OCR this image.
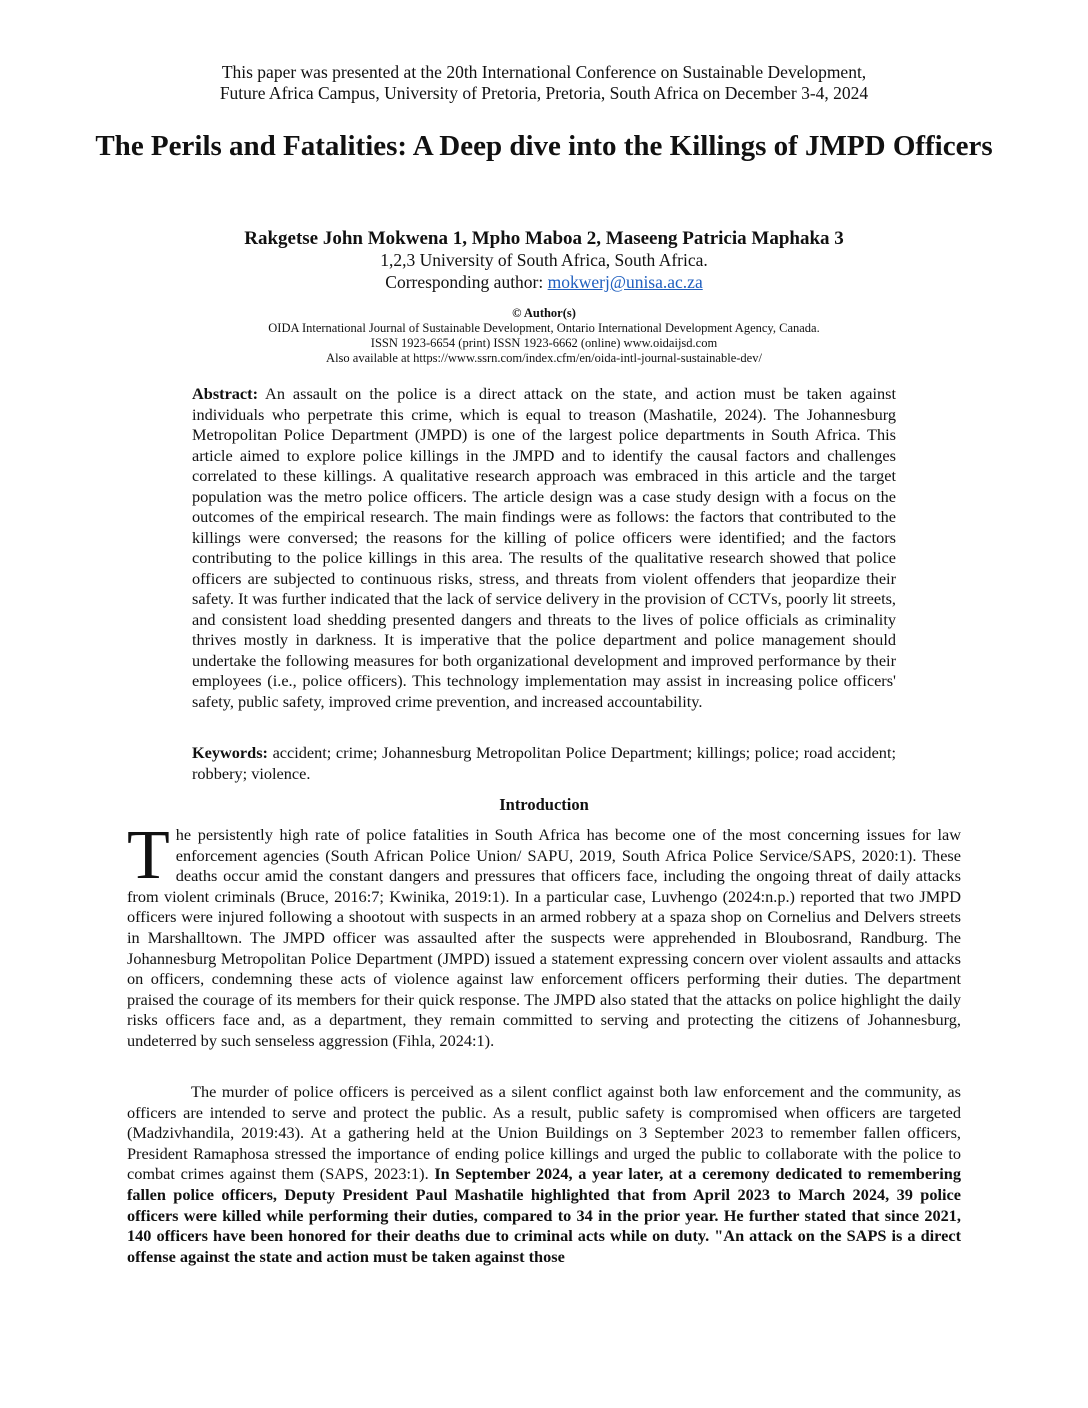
This paper was presented at the 20th International Conference on Sustainable Development,

Future Africa Campus, University of Pretoria, Pretoria, South Africa on December 3-4, 2024

The Perils and Fatalities: A Deep dive into the Killings of JMPD Officers
Rakgetse John Mokwena 1, Mpho Maboa 2, Maseeng Patricia Maphaka 3
1,2,3 University of South Africa, South Africa.
Corresponding author: mokwerj@unisa.ac.za

© Author(s)

OIDA International Journal of Sustainable Development, Ontario International Development Agency, Canada.

ISSN 1923-6654 (print) ISSN 1923-6662 (online) www.oidaijsd.com

Also available at https://www.ssrn.com/index.cfm/en/oida-intl-journal-sustainable-dev/

Abstract: An assault on the police is a direct attack on the state, and action must be taken against individuals who perpetrate this crime, which is equal to treason (Mashatile, 2024). The Johannesburg Metropolitan Police Department (JMPD) is one of the largest police departments in South Africa. This article aimed to explore police killings in the JMPD and to identify the causal factors and challenges correlated to these killings. A qualitative research approach was embraced in this article and the target population was the metro police officers. The article design was a case study design with a focus on the outcomes of the empirical research. The main findings were as follows: the factors that contributed to the killings were conversed; the reasons for the killing of police officers were identified; and the factors contributing to the police killings in this area. The results of the qualitative research showed that police officers are subjected to continuous risks, stress, and threats from violent offenders that jeopardize their safety. It was further indicated that the lack of service delivery in the provision of CCTVs, poorly lit streets, and consistent load shedding presented dangers and threats to the lives of police officials as criminality thrives mostly in darkness. It is imperative that the police department and police management should undertake the following measures for both organizational development and improved performance by their employees (i.e., police officers). This technology implementation may assist in increasing police officers' safety, public safety, improved crime prevention, and increased accountability.

Keywords: accident; crime; Johannesburg Metropolitan Police Department; killings; police; road accident; robbery; violence.

Introduction

The persistently high rate of police fatalities in South Africa has become one of the most concerning issues for law enforcement agencies (South African Police Union/ SAPU, 2019, South Africa Police Service/SAPS, 2020:1). These deaths occur amid the constant dangers and pressures that officers face, including the ongoing threat of daily attacks from violent criminals (Bruce, 2016:7; Kwinika, 2019:1). In a particular case, Luvhengo (2024:n.p.) reported that two JMPD officers were injured following a shootout with suspects in an armed robbery at a spaza shop on Cornelius and Delvers streets in Marshalltown. The JMPD officer was assaulted after the suspects were apprehended in Bloubosrand, Randburg. The Johannesburg Metropolitan Police Department (JMPD) issued a statement expressing concern over violent assaults and attacks on officers, condemning these acts of violence against law enforcement officers performing their duties. The department praised the courage of its members for their quick response. The JMPD also stated that the attacks on police highlight the daily risks officers face and, as a department, they remain committed to serving and protecting the citizens of Johannesburg, undeterred by such senseless aggression (Fihla, 2024:1).

The murder of police officers is perceived as a silent conflict against both law enforcement and the community, as officers are intended to serve and protect the public. As a result, public safety is compromised when officers are targeted (Madzivhandila, 2019:43). At a gathering held at the Union Buildings on 3 September 2023 to remember fallen officers, President Ramaphosa stressed the importance of ending police killings and urged the public to collaborate with the police to combat crimes against them (SAPS, 2023:1). In September 2024, a year later, at a ceremony dedicated to remembering fallen police officers, Deputy President Paul Mashatile highlighted that from April 2023 to March 2024, 39 police officers were killed while performing their duties, compared to 34 in the prior year. He further stated that since 2021, 140 officers have been honored for their deaths due to criminal acts while on duty. "An attack on the SAPS is a direct offense against the state and action must be taken against those
